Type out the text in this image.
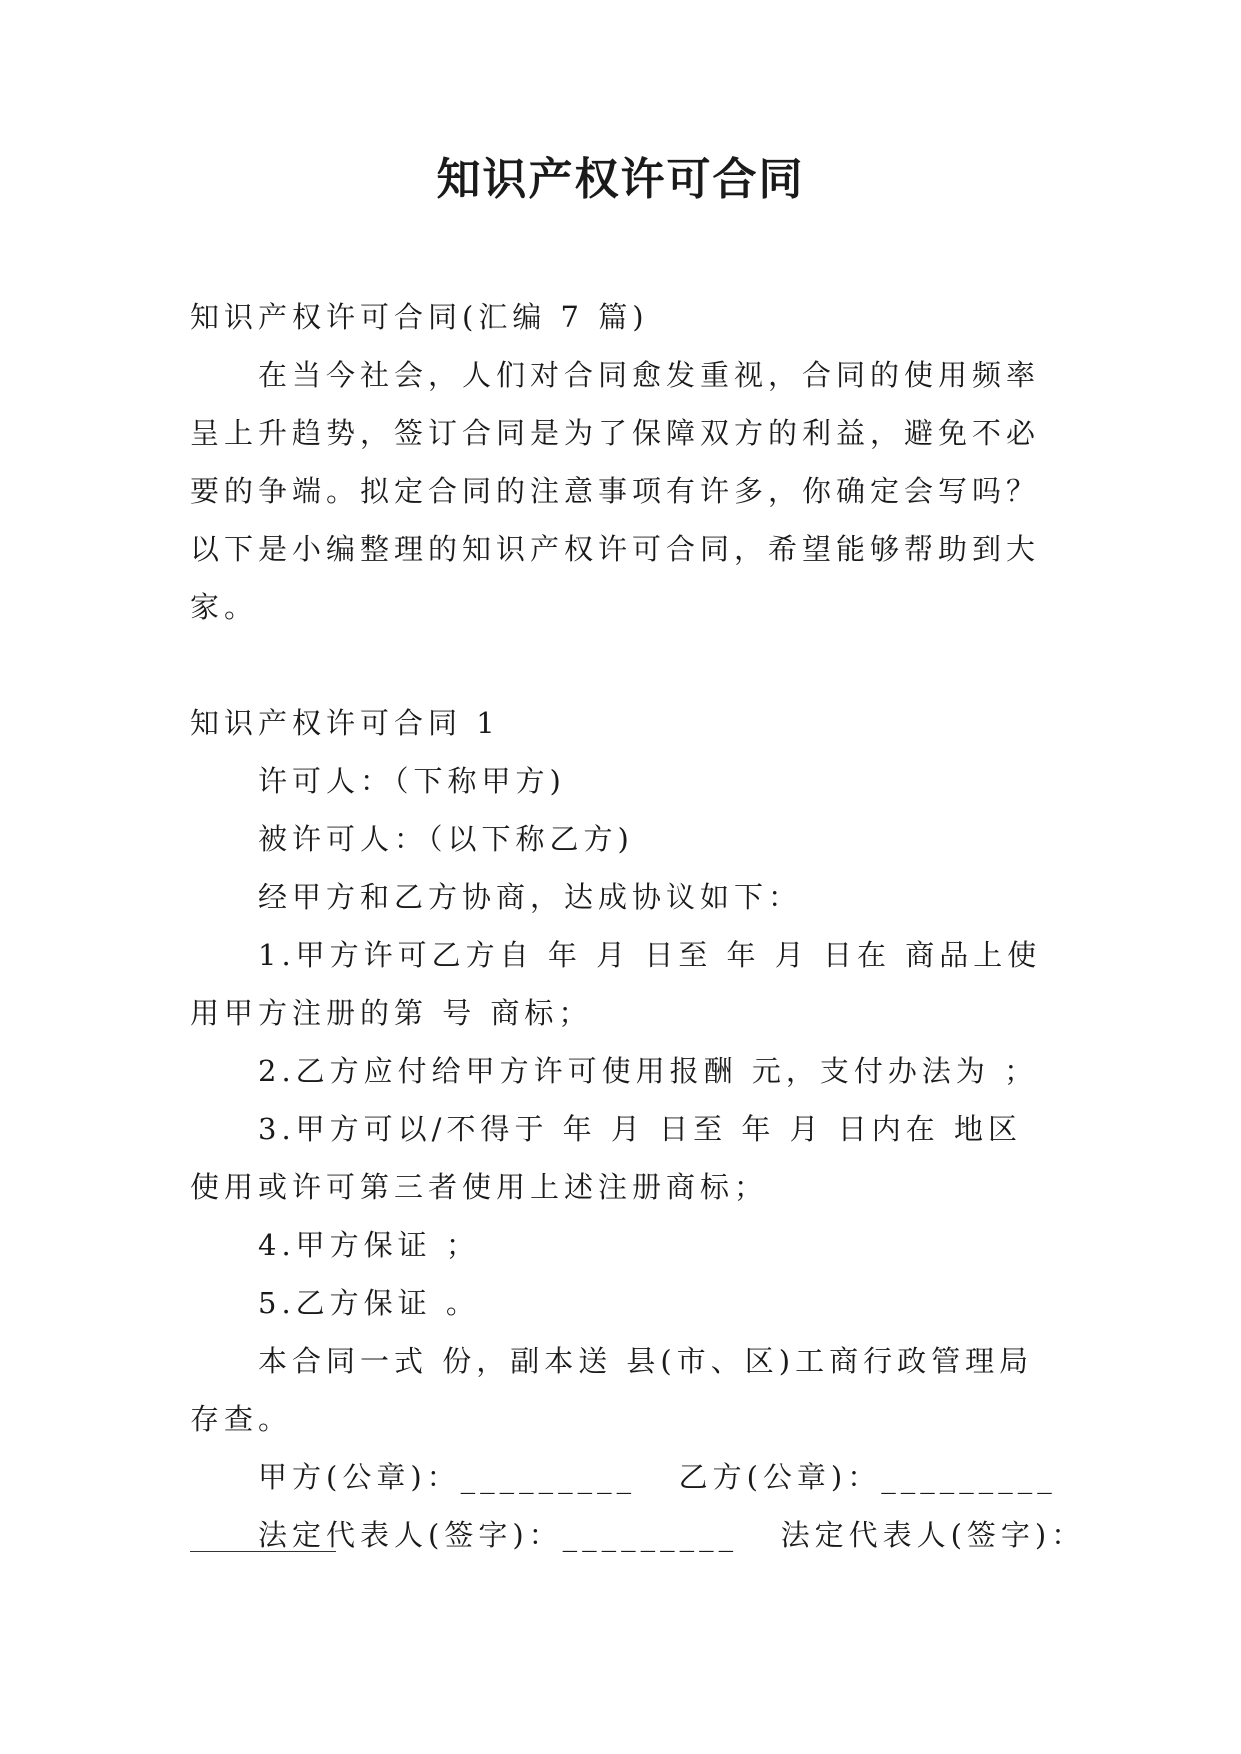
知识产权许可合同

知识产权许可合同(汇编 7 篇)

在当今社会，人们对合同愈发重视，合同的使用频率呈上升趋势，签订合同是为了保障双方的利益，避免不必要的争端。拟定合同的注意事项有许多，你确定会写吗？以下是小编整理的知识产权许可合同，希望能够帮助到大家。

知识产权许可合同 1

许可人：（下称甲方)

被许可人：（以下称乙方)

经甲方和乙方协商，达成协议如下：

1.甲方许可乙方自 年 月 日至 年 月 日在 商品上使用甲方注册的第 号 商标；

2.乙方应付给甲方许可使用报酬 元，支付办法为 ；

3.甲方可以/不得于 年 月 日至 年 月 日内在 地区使用或许可第三者使用上述注册商标；

4.甲方保证 ；

5.乙方保证 。

本合同一式 份，副本送 县(市、区)工商行政管理局存查。

甲方(公章)：_________ 乙方(公章)：_________

法定代表人(签字)：_________ 法定代表人(签字)：
